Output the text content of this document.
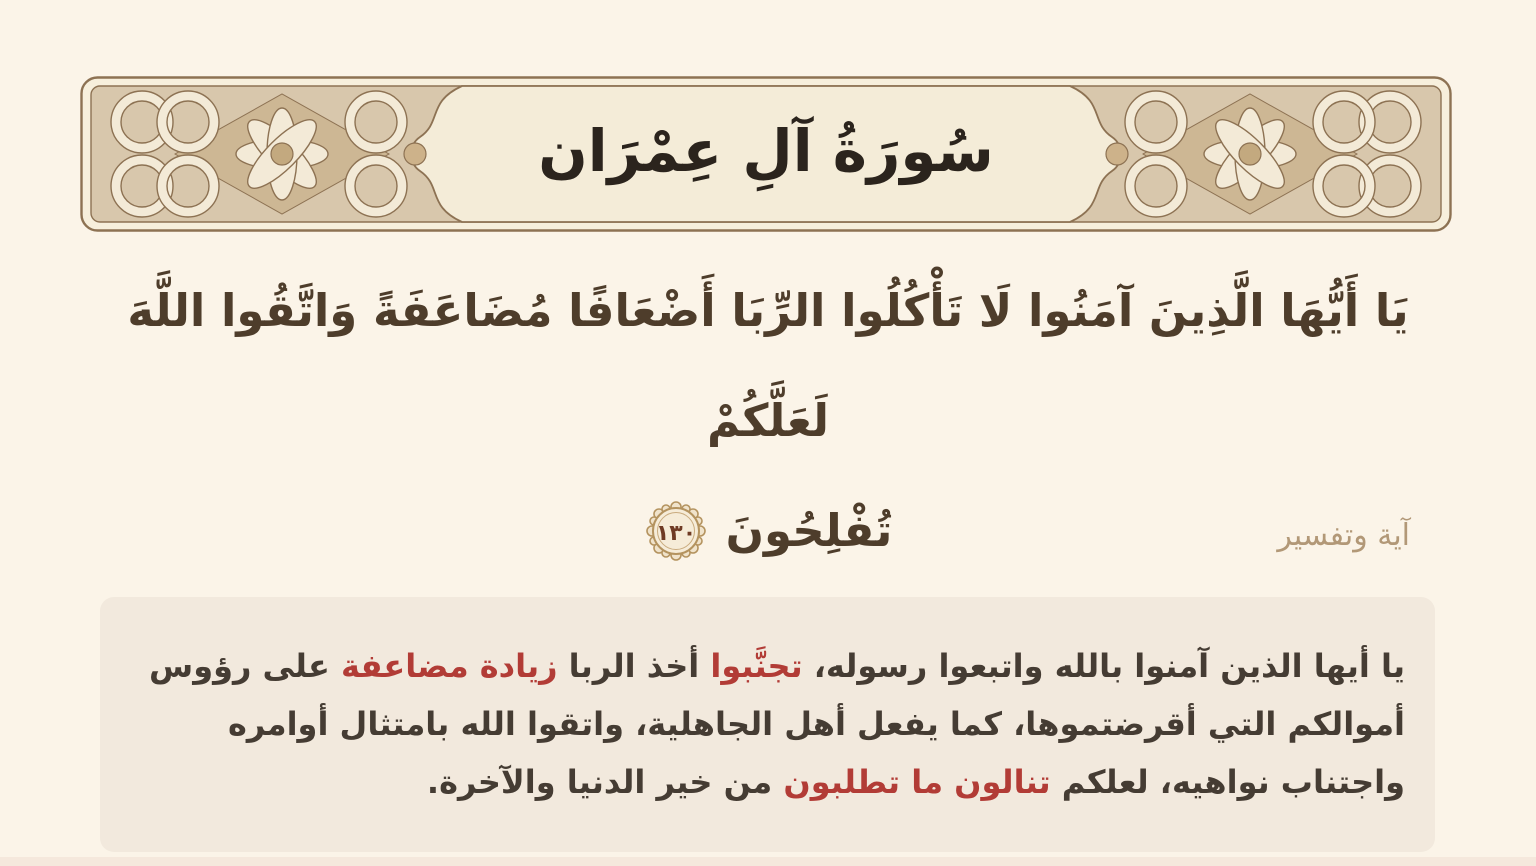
سُورَةُ آلِ عِمْرَان
يَا أَيُّهَا الَّذِينَ آمَنُوا لَا تَأْكُلُوا الرِّبَا أَضْعَافًا مُضَاعَفَةً وَاتَّقُوا اللَّهَ لَعَلَّكُمْ
تُفْلِحُونَ
١٣٠	آية وتفسير

يا أيها الذين آمنوا بالله واتبعوا رسوله، تجنَّبوا أخذ الربا زيادة مضاعفة على رؤوس أموالكم التي أقرضتموها، كما يفعل أهل الجاهلية، واتقوا الله بامتثال أوامره واجتناب نواهيه، لعلكم تنالون ما تطلبون من خير الدنيا والآخرة.
